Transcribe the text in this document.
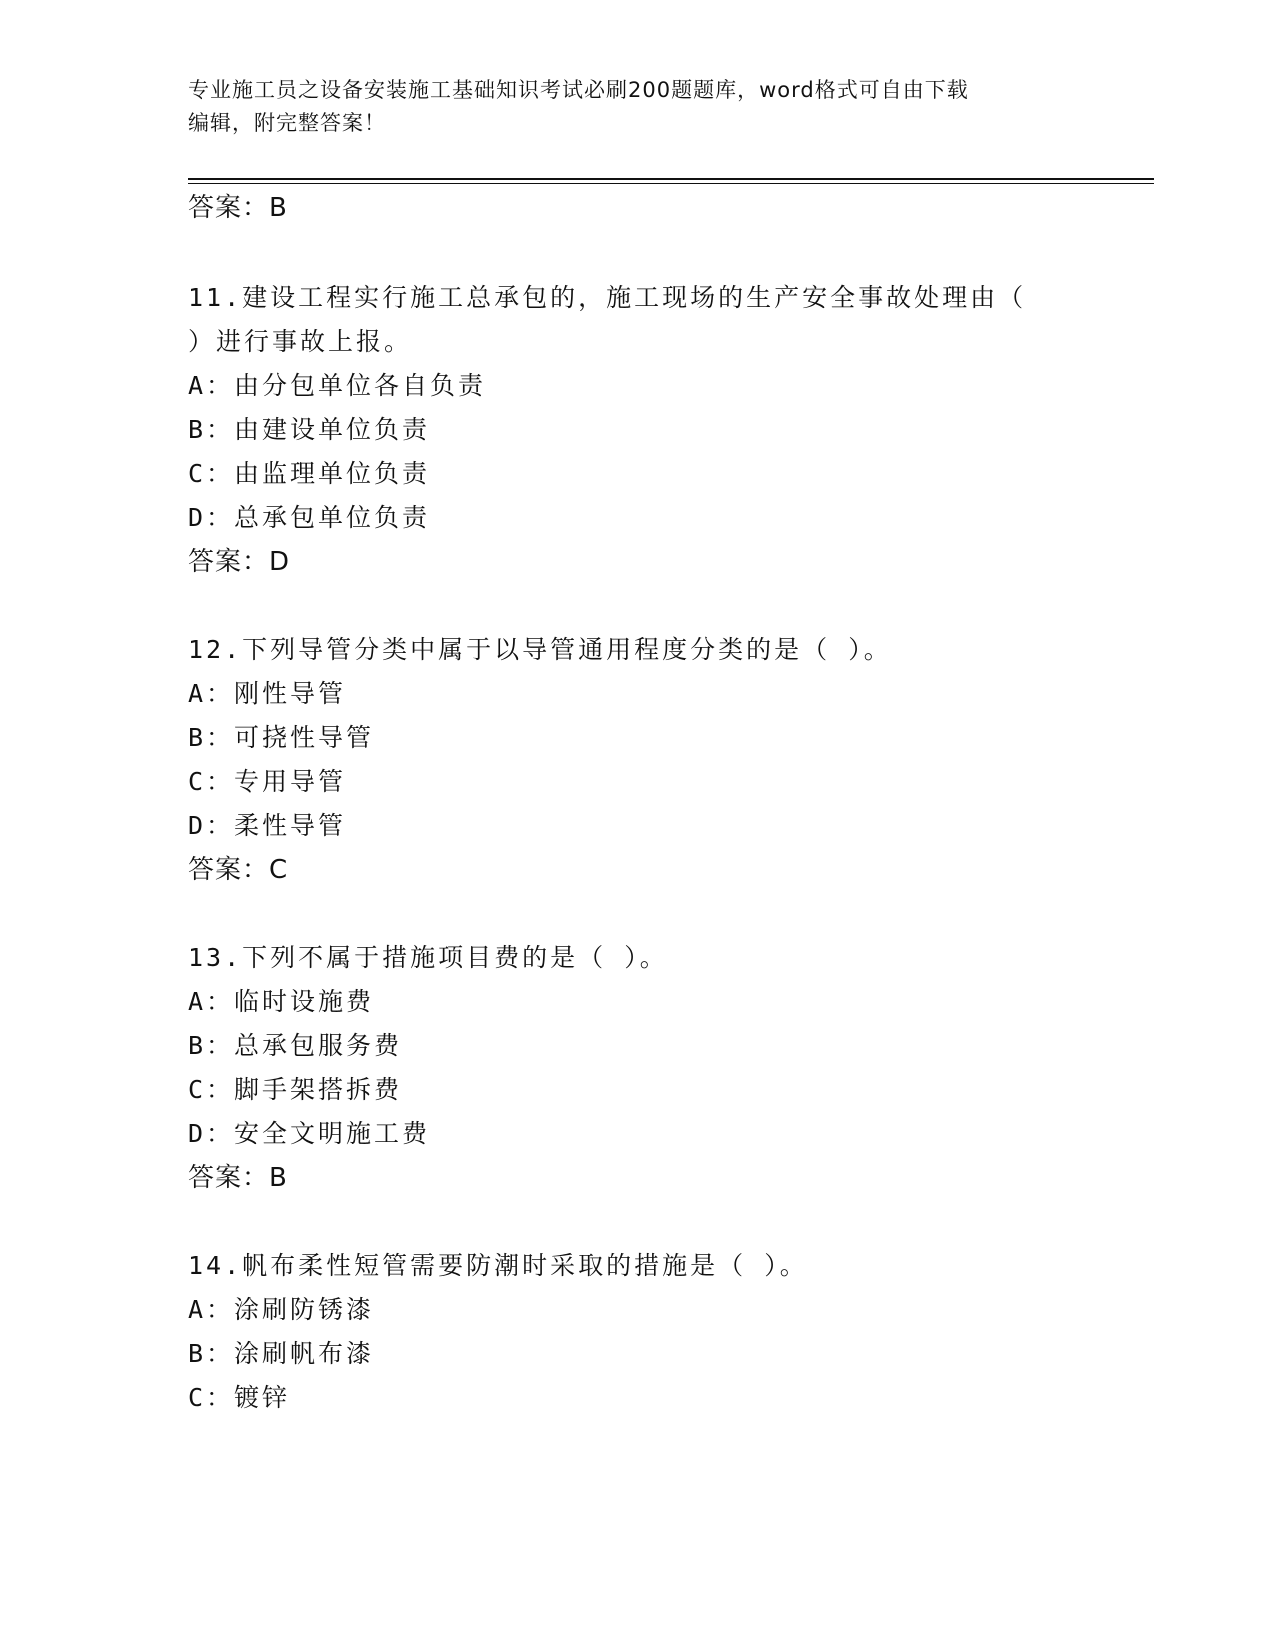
专业施工员之设备安装施工基础知识考试必刷200题题库，word格式可自由下载
编辑，附完整答案！
答案：B
11.建设工程实行施工总承包的，施工现场的生产安全事故处理由（
）进行事故上报。
A：由分包单位各自负责
B：由建设单位负责
C：由监理单位负责
D：总承包单位负责
答案：D
12.下列导管分类中属于以导管通用程度分类的是（ ）。
A：刚性导管
B：可挠性导管
C：专用导管
D：柔性导管
答案：C
13.下列不属于措施项目费的是（ ）。
A：临时设施费
B：总承包服务费
C：脚手架搭拆费
D：安全文明施工费
答案：B
14.帆布柔性短管需要防潮时采取的措施是（ ）。
A：涂刷防锈漆
B：涂刷帆布漆
C：镀锌
